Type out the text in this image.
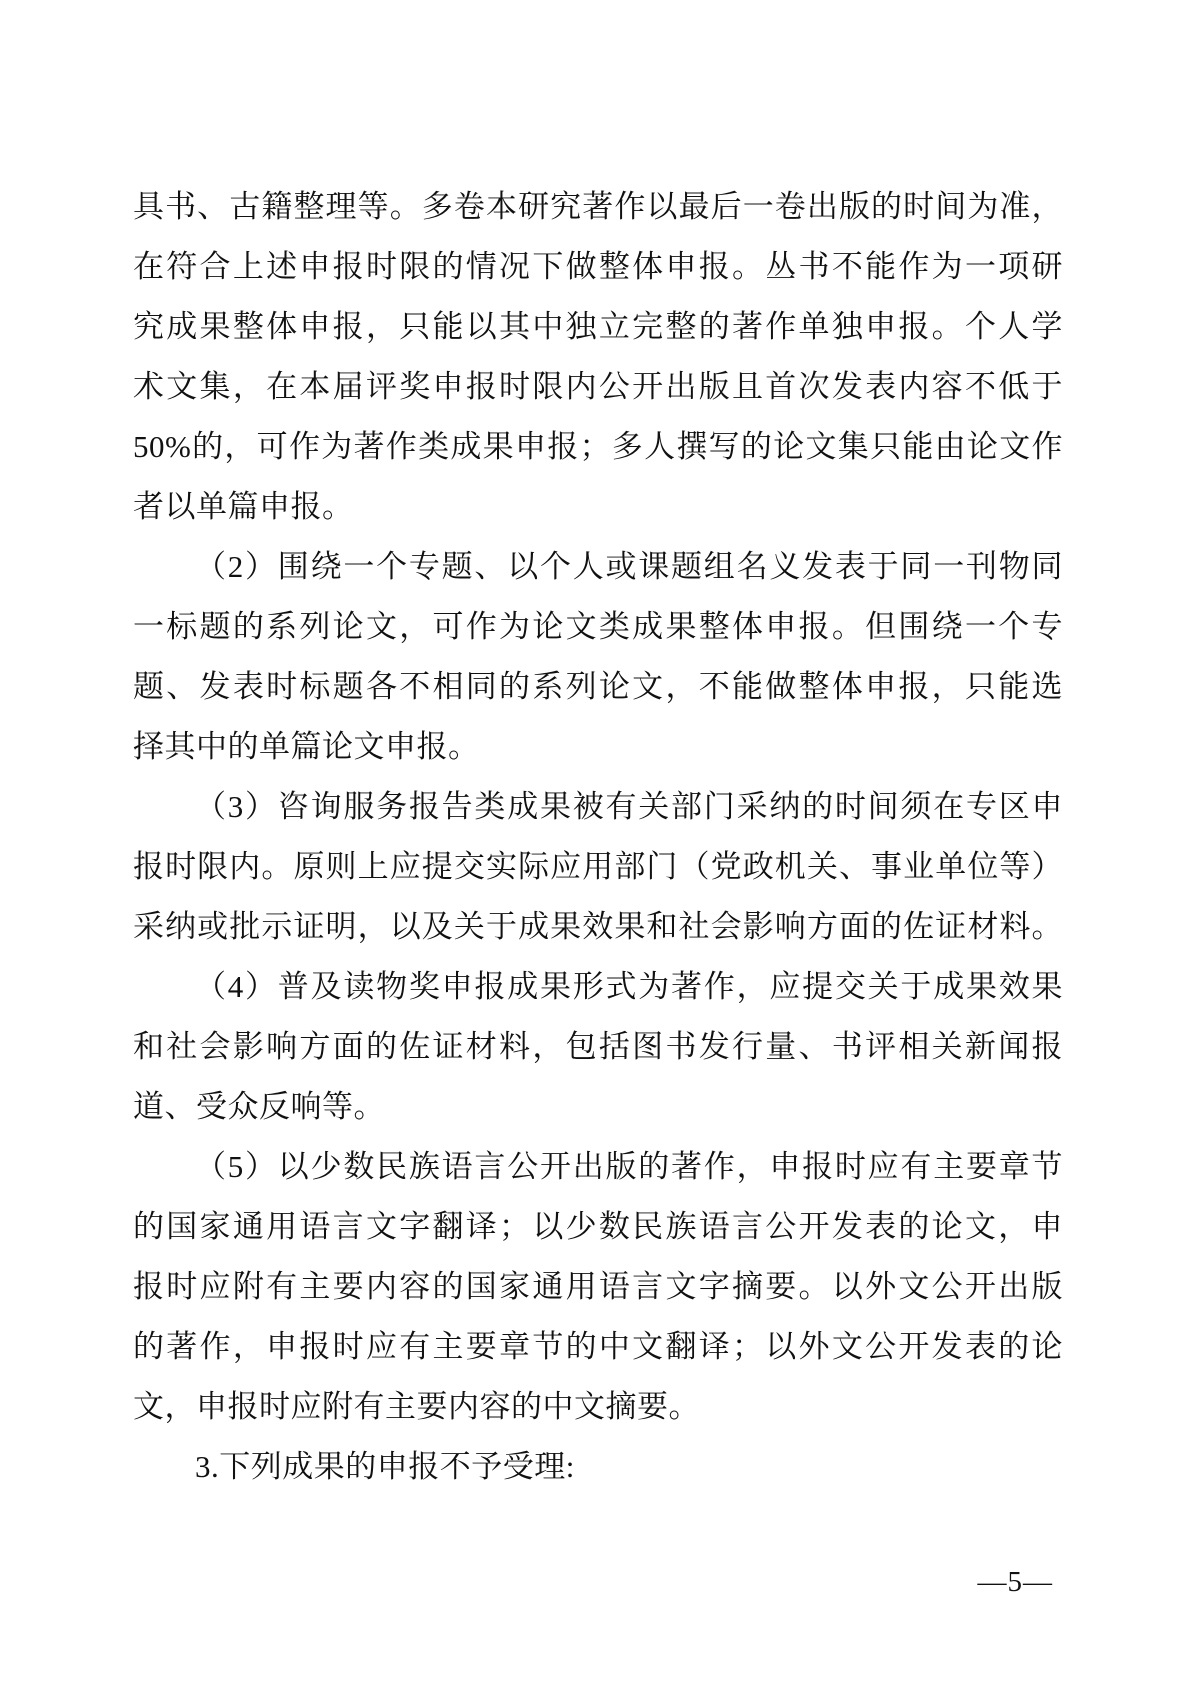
具书、古籍整理等。多卷本研究著作以最后一卷出版的时间为准，
在符合上述申报时限的情况下做整体申报。丛书不能作为一项研
究成果整体申报，只能以其中独立完整的著作单独申报。个人学
术文集，在本届评奖申报时限内公开出版且首次发表内容不低于
50%的，可作为著作类成果申报；多人撰写的论文集只能由论文作
者以单篇申报。
（2）围绕一个专题、以个人或课题组名义发表于同一刊物同
一标题的系列论文，可作为论文类成果整体申报。但围绕一个专
题、发表时标题各不相同的系列论文，不能做整体申报，只能选
择其中的单篇论文申报。
（3）咨询服务报告类成果被有关部门采纳的时间须在专区申
报时限内。原则上应提交实际应用部门（党政机关、事业单位等）
采纳或批示证明，以及关于成果效果和社会影响方面的佐证材料。
（4）普及读物奖申报成果形式为著作，应提交关于成果效果
和社会影响方面的佐证材料，包括图书发行量、书评相关新闻报
道、受众反响等。
（5）以少数民族语言公开出版的著作，申报时应有主要章节
的国家通用语言文字翻译；以少数民族语言公开发表的论文，申
报时应附有主要内容的国家通用语言文字摘要。以外文公开出版
的著作，申报时应有主要章节的中文翻译；以外文公开发表的论
文，申报时应附有主要内容的中文摘要。
3.下列成果的申报不予受理:
—5—
